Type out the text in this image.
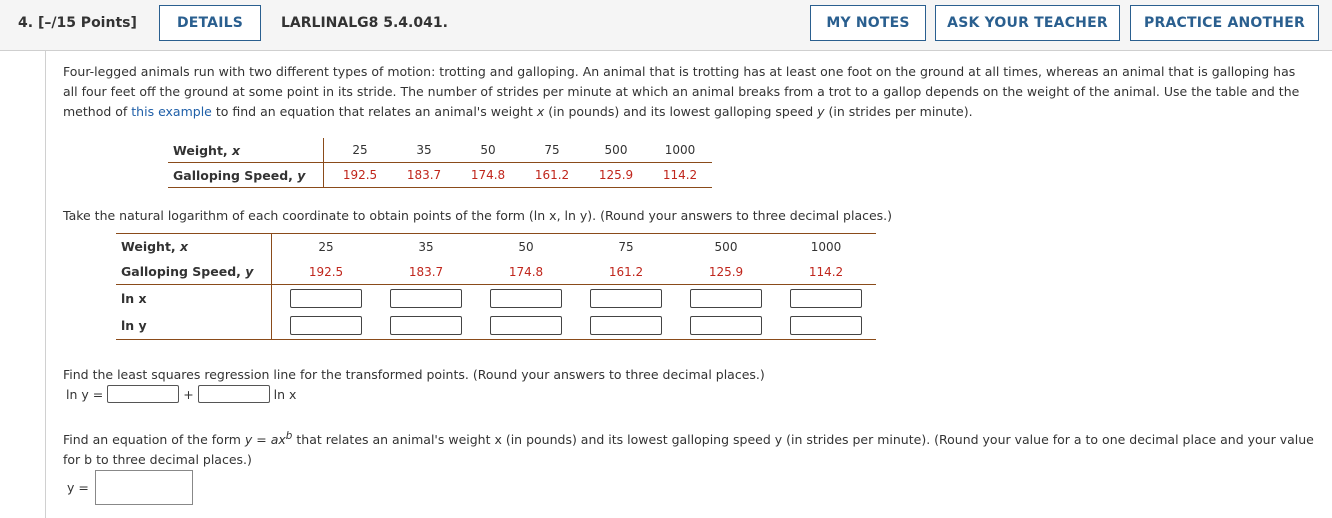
4. [–/15 Points]	DETAILS	LARLINALG8 5.4.041.	MY NOTES	ASK YOUR TEACHER	PRACTICE ANOTHER
Four-legged animals run with two different types of motion: trotting and galloping. An animal that is trotting has at least one foot on the ground at all times, whereas an animal that is galloping has all four feet off the ground at some point in its stride. The number of strides per minute at which an animal breaks from a trot to a gallop depends on the weight of the animal. Use the table and the method of this example to find an equation that relates an animal's weight x (in pounds) and its lowest galloping speed y (in strides per minute).
Weight, x		25	35	50	75	500	1000
Galloping Speed, y		192.5	183.7	174.8	161.2	125.9	114.2
Take the natural logarithm of each coordinate to obtain points of the form (ln x, ln y). (Round your answers to three decimal places.)
Weight, x		25	35	50	75	500	1000
Galloping Speed, y		192.5	183.7	174.8	161.2	125.9	114.2
ln x							
ln y							
Find the least squares regression line for the transformed points. (Round your answers to three decimal places.)
ln y =

	+

	ln x
Find an equation of the form $y = ax^b$ that relates an animal's weight x (in pounds) and its lowest galloping speed y (in strides per minute). (Round your value for a to one decimal place and your value for b to three decimal places.)
y =
